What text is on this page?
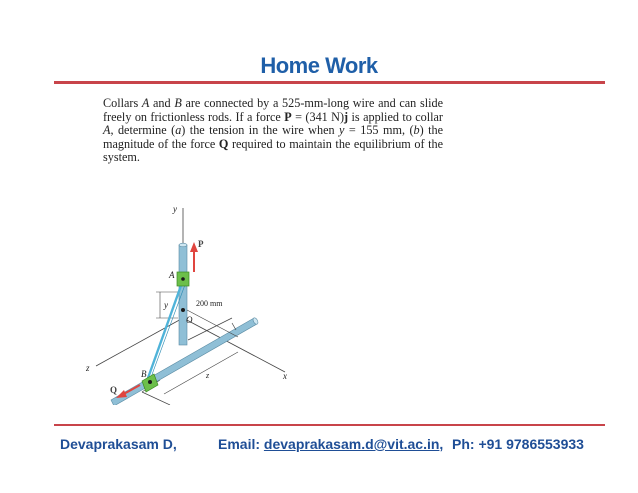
Home Work
Collars A and B are connected by a 525-mm-long wire and can slide freely on frictionless rods. If a force P = (341 N)j is applied to collar A, determine (a) the tension in the wire when y = 155 mm, (b) the magnitude of the force Q required to maintain the equilibrium of the system.
200 mm
z
y
P
Q
y
A
O
B
z
x
Devaprakasam D,	Email: devaprakasam.d@vit.ac.in, Ph: +91 9786553933
